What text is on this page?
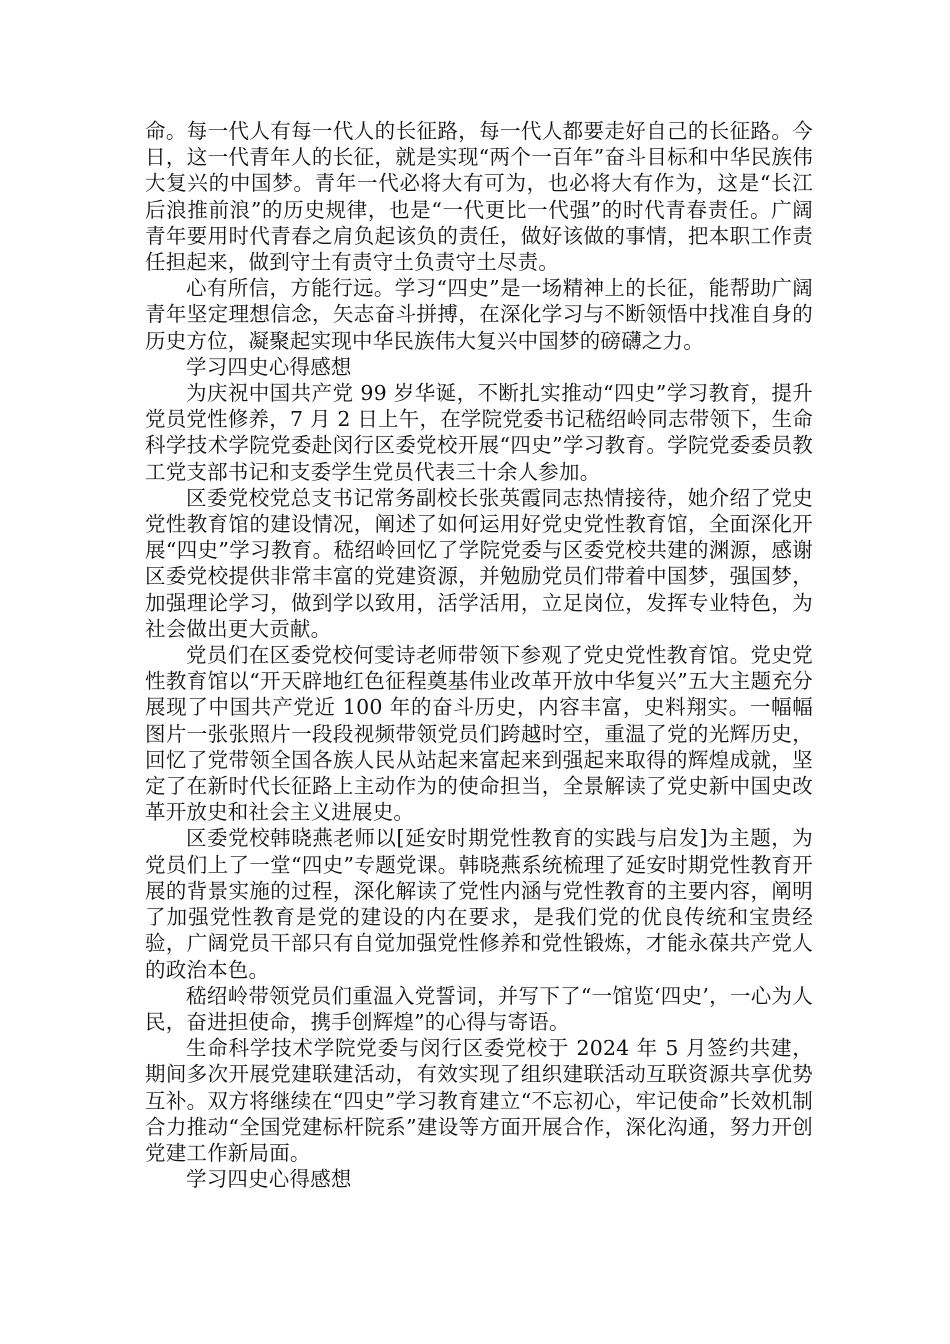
命。每一代人有每一代人的长征路，每一代人都要走好自己的长征路。今日，这一代青年人的长征，就是实现“两个一百年”奋斗目标和中华民族伟大复兴的中国梦。青年一代必将大有可为，也必将大有作为，这是“长江后浪推前浪”的历史规律，也是“一代更比一代强”的时代青春责任。广阔青年要用时代青春之肩负起该负的责任，做好该做的事情，把本职工作责任担起来，做到守土有责守土负责守土尽责。

心有所信，方能行远。学习“四史”是一场精神上的长征，能帮助广阔青年坚定理想信念，矢志奋斗拼搏，在深化学习与不断领悟中找准自身的历史方位，凝聚起实现中华民族伟大复兴中国梦的磅礴之力。

学习四史心得感想

为庆祝中国共产党 99 岁华诞，不断扎实推动“四史”学习教育，提升党员党性修养，7 月 2 日上午，在学院党委书记嵇绍岭同志带领下，生命科学技术学院党委赴闵行区委党校开展“四史”学习教育。学院党委委员教工党支部书记和支委学生党员代表三十余人参加。

区委党校党总支书记常务副校长张英霞同志热情接待，她介绍了党史党性教育馆的建设情况，阐述了如何运用好党史党性教育馆，全面深化开展“四史”学习教育。嵇绍岭回忆了学院党委与区委党校共建的渊源，感谢区委党校提供非常丰富的党建资源，并勉励党员们带着中国梦，强国梦，加强理论学习，做到学以致用，活学活用，立足岗位，发挥专业特色，为社会做出更大贡献。

党员们在区委党校何雯诗老师带领下参观了党史党性教育馆。党史党性教育馆以“开天辟地红色征程奠基伟业改革开放中华复兴”五大主题充分展现了中国共产党近 100 年的奋斗历史，内容丰富，史料翔实。一幅幅图片一张张照片一段段视频带领党员们跨越时空，重温了党的光辉历史，回忆了党带领全国各族人民从站起来富起来到强起来取得的辉煌成就，坚定了在新时代长征路上主动作为的使命担当，全景解读了党史新中国史改革开放史和社会主义进展史。

区委党校韩晓燕老师以[延安时期党性教育的实践与启发]为主题，为党员们上了一堂“四史”专题党课。韩晓燕系统梳理了延安时期党性教育开展的背景实施的过程，深化解读了党性内涵与党性教育的主要内容，阐明了加强党性教育是党的建设的内在要求，是我们党的优良传统和宝贵经验，广阔党员干部只有自觉加强党性修养和党性锻炼，才能永葆共产党人的政治本色。

嵇绍岭带领党员们重温入党誓词，并写下了“一馆览‘四史’，一心为人民，奋进担使命，携手创辉煌”的心得与寄语。

生命科学技术学院党委与闵行区委党校于 2024 年 5 月签约共建，期间多次开展党建联建活动，有效实现了组织建联活动互联资源共享优势互补。双方将继续在“四史”学习教育建立“不忘初心，牢记使命”长效机制合力推动“全国党建标杆院系”建设等方面开展合作，深化沟通，努力开创党建工作新局面。

学习四史心得感想
